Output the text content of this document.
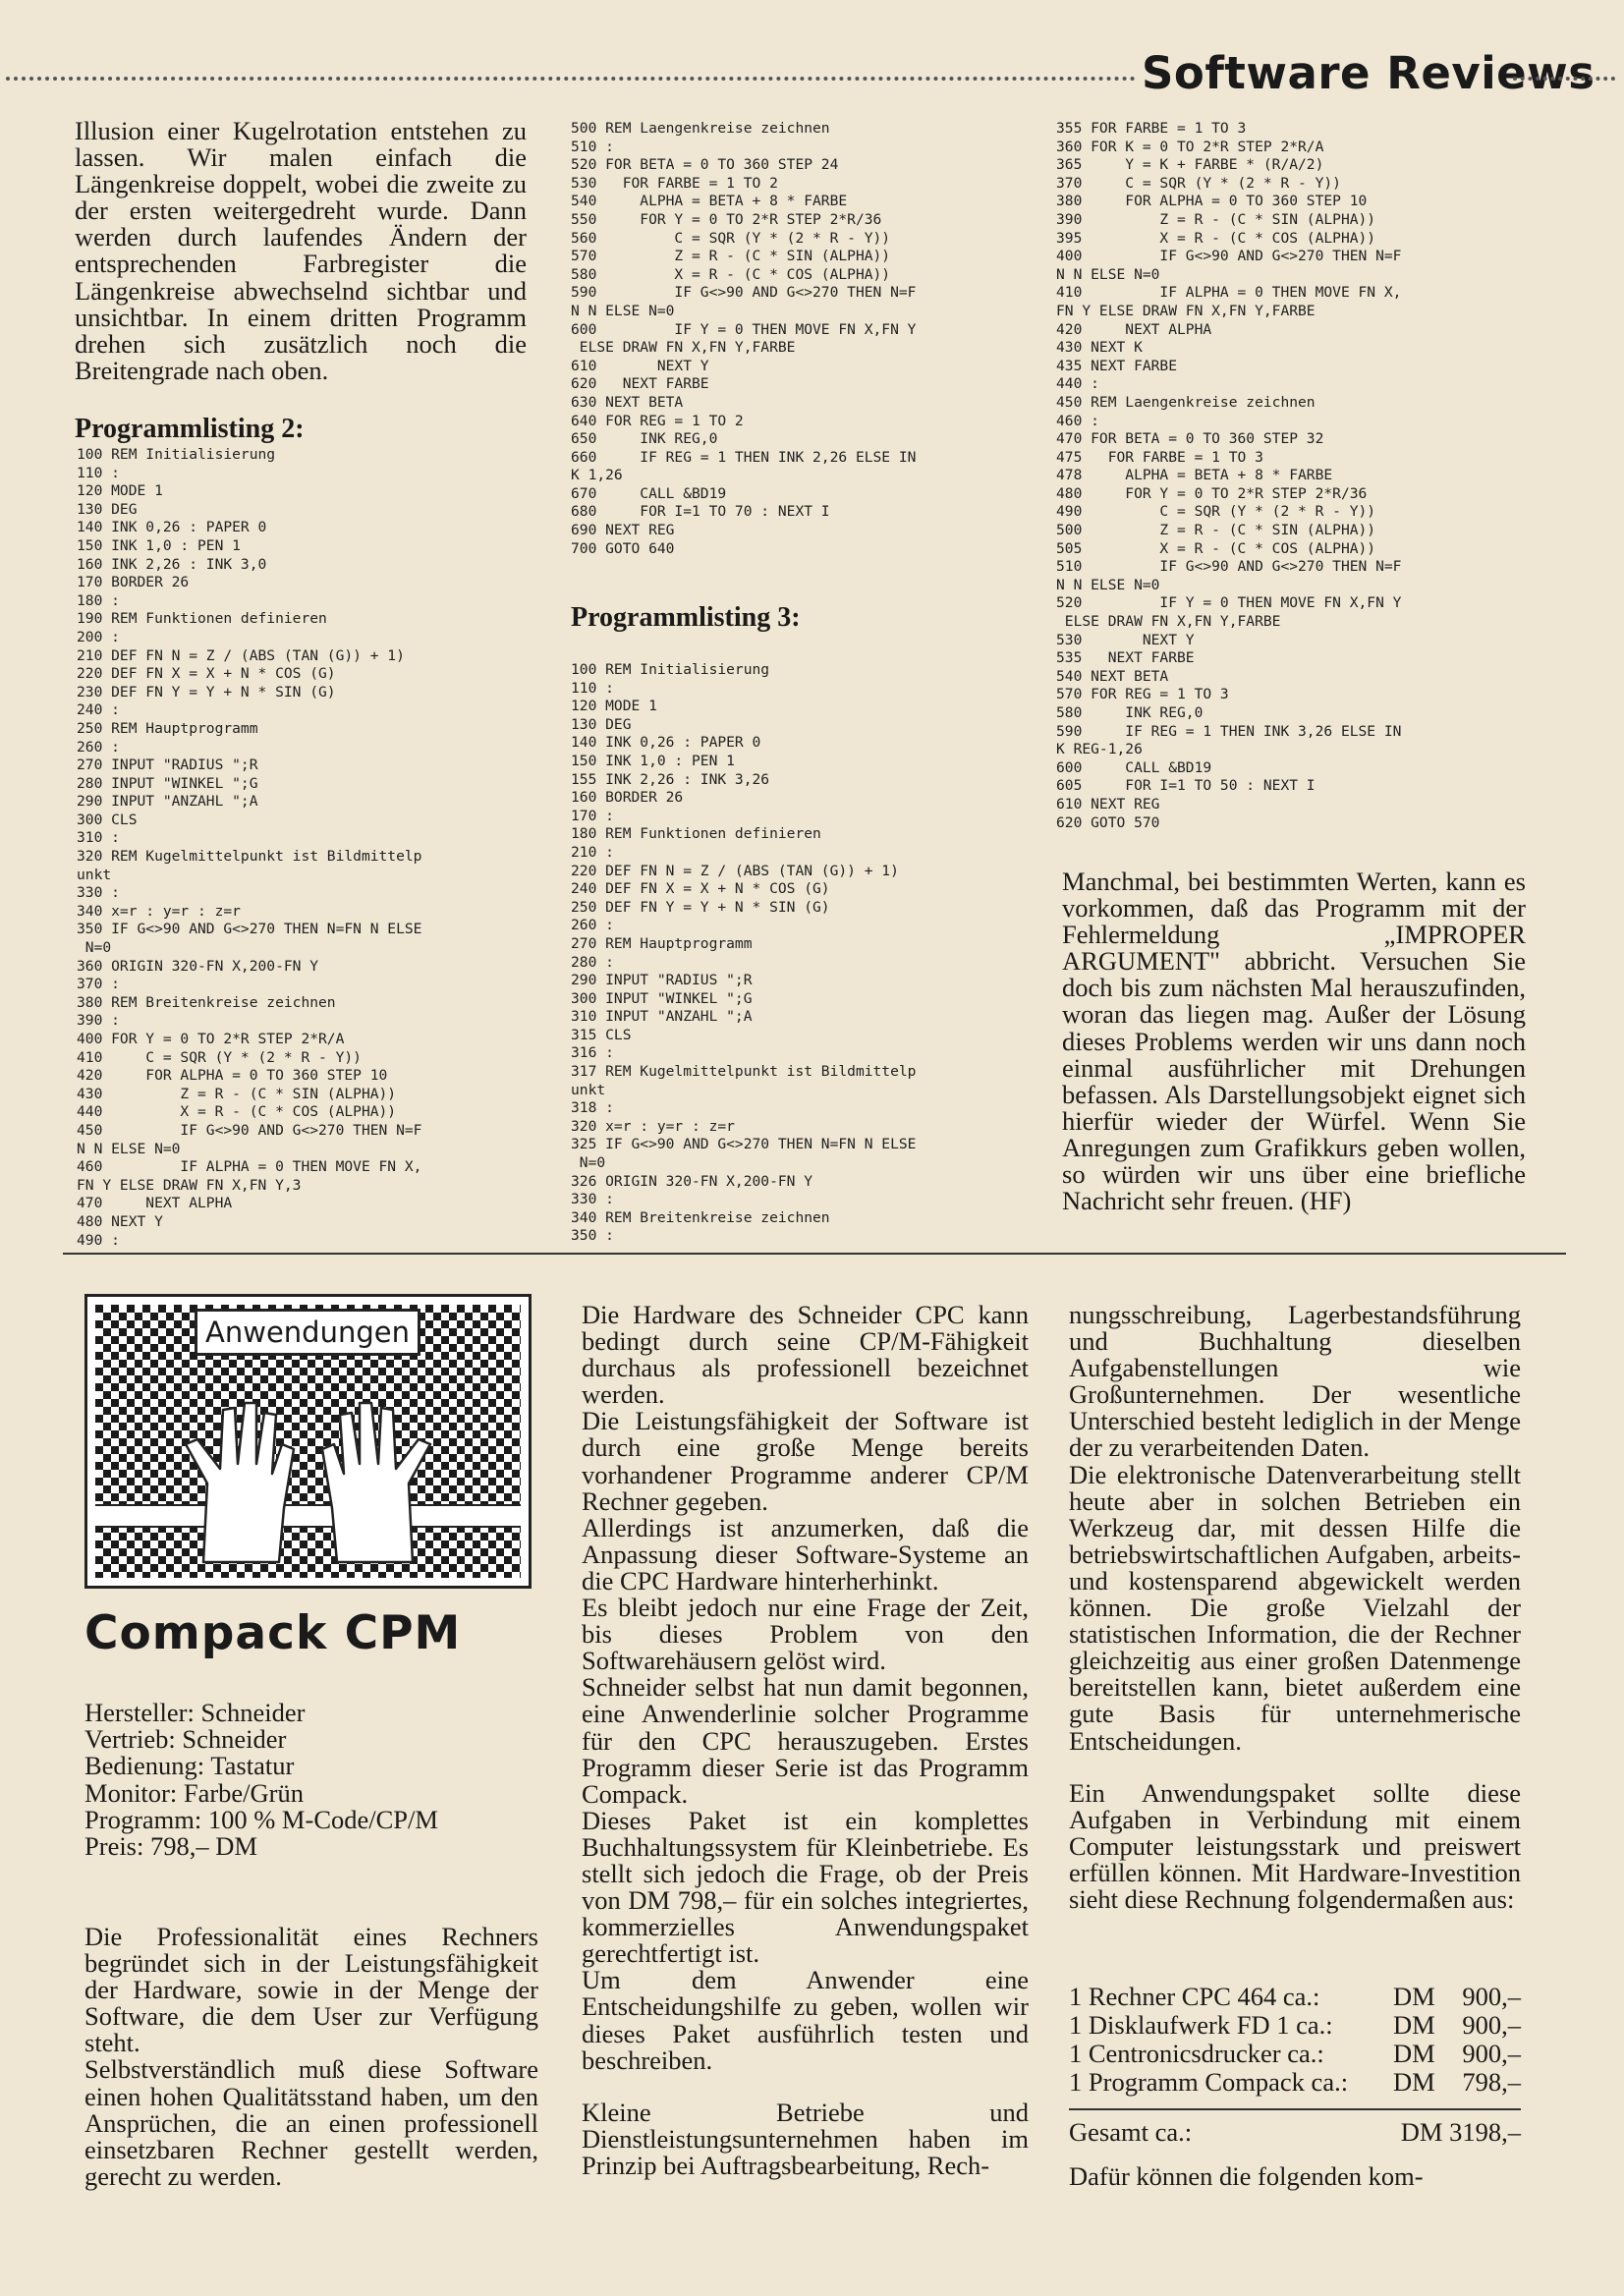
Software Reviews
Illusion einer Kugelrotation entstehen zu lassen. Wir malen einfach die Längenkreise doppelt, wobei die zweite zu der ersten weitergedreht wurde. Dann werden durch laufendes Ändern der entsprechenden Farbregister die Längenkreise abwechselnd sichtbar und unsichtbar. In einem dritten Programm drehen sich zusätzlich noch die Breitengrade nach oben.
Programmlisting 2:
100 REM Initialisierung
110 :
120 MODE 1
130 DEG
140 INK 0,26 : PAPER 0
150 INK 1,0 : PEN 1
160 INK 2,26 : INK 3,0
170 BORDER 26
180 :
190 REM Funktionen definieren
200 :
210 DEF FN N = Z / (ABS (TAN (G)) + 1)
220 DEF FN X = X + N * COS (G)
230 DEF FN Y = Y + N * SIN (G)
240 :
250 REM Hauptprogramm
260 :
270 INPUT "RADIUS ";R
280 INPUT "WINKEL ";G
290 INPUT "ANZAHL ";A
300 CLS
310 :
320 REM Kugelmittelpunkt ist Bildmittelp
unkt
330 :
340 x=r : y=r : z=r
350 IF G<>90 AND G<>270 THEN N=FN N ELSE
N=0
360 ORIGIN 320-FN X,200-FN Y
370 :
380 REM Breitenkreise zeichnen
390 :
400 FOR Y = 0 TO 2*R STEP 2*R/A
410     C = SQR (Y * (2 * R - Y))
420     FOR ALPHA = 0 TO 360 STEP 10
430         Z = R - (C * SIN (ALPHA))
440         X = R - (C * COS (ALPHA))
450         IF G<>90 AND G<>270 THEN N=F
N N ELSE N=0
460         IF ALPHA = 0 THEN MOVE FN X,
FN Y ELSE DRAW FN X,FN Y,3
470     NEXT ALPHA
480 NEXT Y
490 :
500 REM Laengenkreise zeichnen
510 :
520 FOR BETA = 0 TO 360 STEP 24
530   FOR FARBE = 1 TO 2
540     ALPHA = BETA + 8 * FARBE
550     FOR Y = 0 TO 2*R STEP 2*R/36
560         C = SQR (Y * (2 * R - Y))
570         Z = R - (C * SIN (ALPHA))
580         X = R - (C * COS (ALPHA))
590         IF G<>90 AND G<>270 THEN N=F
N N ELSE N=0
600         IF Y = 0 THEN MOVE FN X,FN Y
ELSE DRAW FN X,FN Y,FARBE
610       NEXT Y
620   NEXT FARBE
630 NEXT BETA
640 FOR REG = 1 TO 2
650     INK REG,0
660     IF REG = 1 THEN INK 2,26 ELSE IN
K 1,26
670     CALL &BD19
680     FOR I=1 TO 70 : NEXT I
690 NEXT REG
700 GOTO 640
Programmlisting 3:
100 REM Initialisierung
110 :
120 MODE 1
130 DEG
140 INK 0,26 : PAPER 0
150 INK 1,0 : PEN 1
155 INK 2,26 : INK 3,26
160 BORDER 26
170 :
180 REM Funktionen definieren
210 :
220 DEF FN N = Z / (ABS (TAN (G)) + 1)
240 DEF FN X = X + N * COS (G)
250 DEF FN Y = Y + N * SIN (G)
260 :
270 REM Hauptprogramm
280 :
290 INPUT "RADIUS ";R
300 INPUT "WINKEL ";G
310 INPUT "ANZAHL ";A
315 CLS
316 :
317 REM Kugelmittelpunkt ist Bildmittelp
unkt
318 :
320 x=r : y=r : z=r
325 IF G<>90 AND G<>270 THEN N=FN N ELSE
N=0
326 ORIGIN 320-FN X,200-FN Y
330 :
340 REM Breitenkreise zeichnen
350 :
355 FOR FARBE = 1 TO 3
360 FOR K = 0 TO 2*R STEP 2*R/A
365     Y = K + FARBE * (R/A/2)
370     C = SQR (Y * (2 * R - Y))
380     FOR ALPHA = 0 TO 360 STEP 10
390         Z = R - (C * SIN (ALPHA))
395         X = R - (C * COS (ALPHA))
400         IF G<>90 AND G<>270 THEN N=F
N N ELSE N=0
410         IF ALPHA = 0 THEN MOVE FN X,
FN Y ELSE DRAW FN X,FN Y,FARBE
420     NEXT ALPHA
430 NEXT K
435 NEXT FARBE
440 :
450 REM Laengenkreise zeichnen
460 :
470 FOR BETA = 0 TO 360 STEP 32
475   FOR FARBE = 1 TO 3
478     ALPHA = BETA + 8 * FARBE
480     FOR Y = 0 TO 2*R STEP 2*R/36
490         C = SQR (Y * (2 * R - Y))
500         Z = R - (C * SIN (ALPHA))
505         X = R - (C * COS (ALPHA))
510         IF G<>90 AND G<>270 THEN N=F
N N ELSE N=0
520         IF Y = 0 THEN MOVE FN X,FN Y
ELSE DRAW FN X,FN Y,FARBE
530       NEXT Y
535   NEXT FARBE
540 NEXT BETA
570 FOR REG = 1 TO 3
580     INK REG,0
590     IF REG = 1 THEN INK 3,26 ELSE IN
K REG-1,26
600     CALL &BD19
605     FOR I=1 TO 50 : NEXT I
610 NEXT REG
620 GOTO 570
Manchmal, bei bestimmten Werten, kann es vorkommen, daß das Programm mit der Fehlermeldung „IMPROPER ARGUMENT" abbricht. Versuchen Sie doch bis zum nächsten Mal herauszufinden, woran das liegen mag. Außer der Lösung dieses Problems werden wir uns dann noch einmal ausführlicher mit Drehungen befassen. Als Darstellungsobjekt eignet sich hierfür wieder der Würfel. Wenn Sie Anregungen zum Grafikkurs geben wollen, so würden wir uns über eine briefliche Nachricht sehr freuen. (HF)
Anwendungen
Compack CPM
Hersteller: Schneider
Vertrieb: Schneider
Bedienung: Tastatur
Monitor: Farbe/Grün
Programm: 100 % M-Code/CP/M
Preis: 798,– DM

Die Professionalität eines Rechners begründet sich in der Leistungsfähigkeit der Hardware, sowie in der Menge der Software, die dem User zur Verfügung steht.

Selbstverständlich muß diese Software einen hohen Qualitätsstand haben, um den Ansprüchen, die an einen professionell einsetzbaren Rechner gestellt werden, gerecht zu werden.

Die Hardware des Schneider CPC kann bedingt durch seine CP/M-Fähigkeit durchaus als professionell bezeichnet werden.

Die Leistungsfähigkeit der Software ist durch eine große Menge bereits vorhandener Programme anderer CP/M Rechner gegeben.

Allerdings ist anzumerken, daß die Anpassung dieser Software-Systeme an die CPC Hardware hinterherhinkt.

Es bleibt jedoch nur eine Frage der Zeit, bis dieses Problem von den Softwarehäusern gelöst wird.

Schneider selbst hat nun damit begonnen, eine Anwenderlinie solcher Programme für den CPC herauszugeben. Erstes Programm dieser Serie ist das Programm Compack.

Dieses Paket ist ein komplettes Buchhaltungssystem für Kleinbetriebe. Es stellt sich jedoch die Frage, ob der Preis von DM 798,– für ein solches integriertes, kommerzielles Anwendungspaket gerechtfertigt ist.

Um dem Anwender eine Entscheidungshilfe zu geben, wollen wir dieses Paket ausführlich testen und beschreiben.

Kleine Betriebe und Dienstleistungsunternehmen haben im Prinzip bei Auftragsbearbeitung, Rech-

nungsschreibung, Lagerbestandsführung und Buchhaltung dieselben Aufgabenstellungen wie Großunternehmen. Der wesentliche Unterschied besteht lediglich in der Menge der zu verarbeitenden Daten.

Die elektronische Datenverarbeitung stellt heute aber in solchen Betrieben ein Werkzeug dar, mit dessen Hilfe die betriebswirtschaftlichen Aufgaben, arbeits- und kostensparend abgewickelt werden können. Die große Vielzahl der statistischen Information, die der Rechner gleichzeitig aus einer großen Datenmenge bereitstellen kann, bietet außerdem eine gute Basis für unternehmerische Entscheidungen.

Ein Anwendungspaket sollte diese Aufgaben in Verbindung mit einem Computer leistungsstark und preiswert erfüllen können. Mit Hardware-Investition sieht diese Rechnung folgendermaßen aus:

1 Rechner CPC 464 ca.:	DM 900,–
1 Disklaufwerk FD 1 ca.: DM 900,–
1 Centronicsdrucker ca.:	DM 900,–
1 Programm Compack ca.: DM 798,–
Gesamt ca.:	DM 3198,–
Dafür können die folgenden kom-
